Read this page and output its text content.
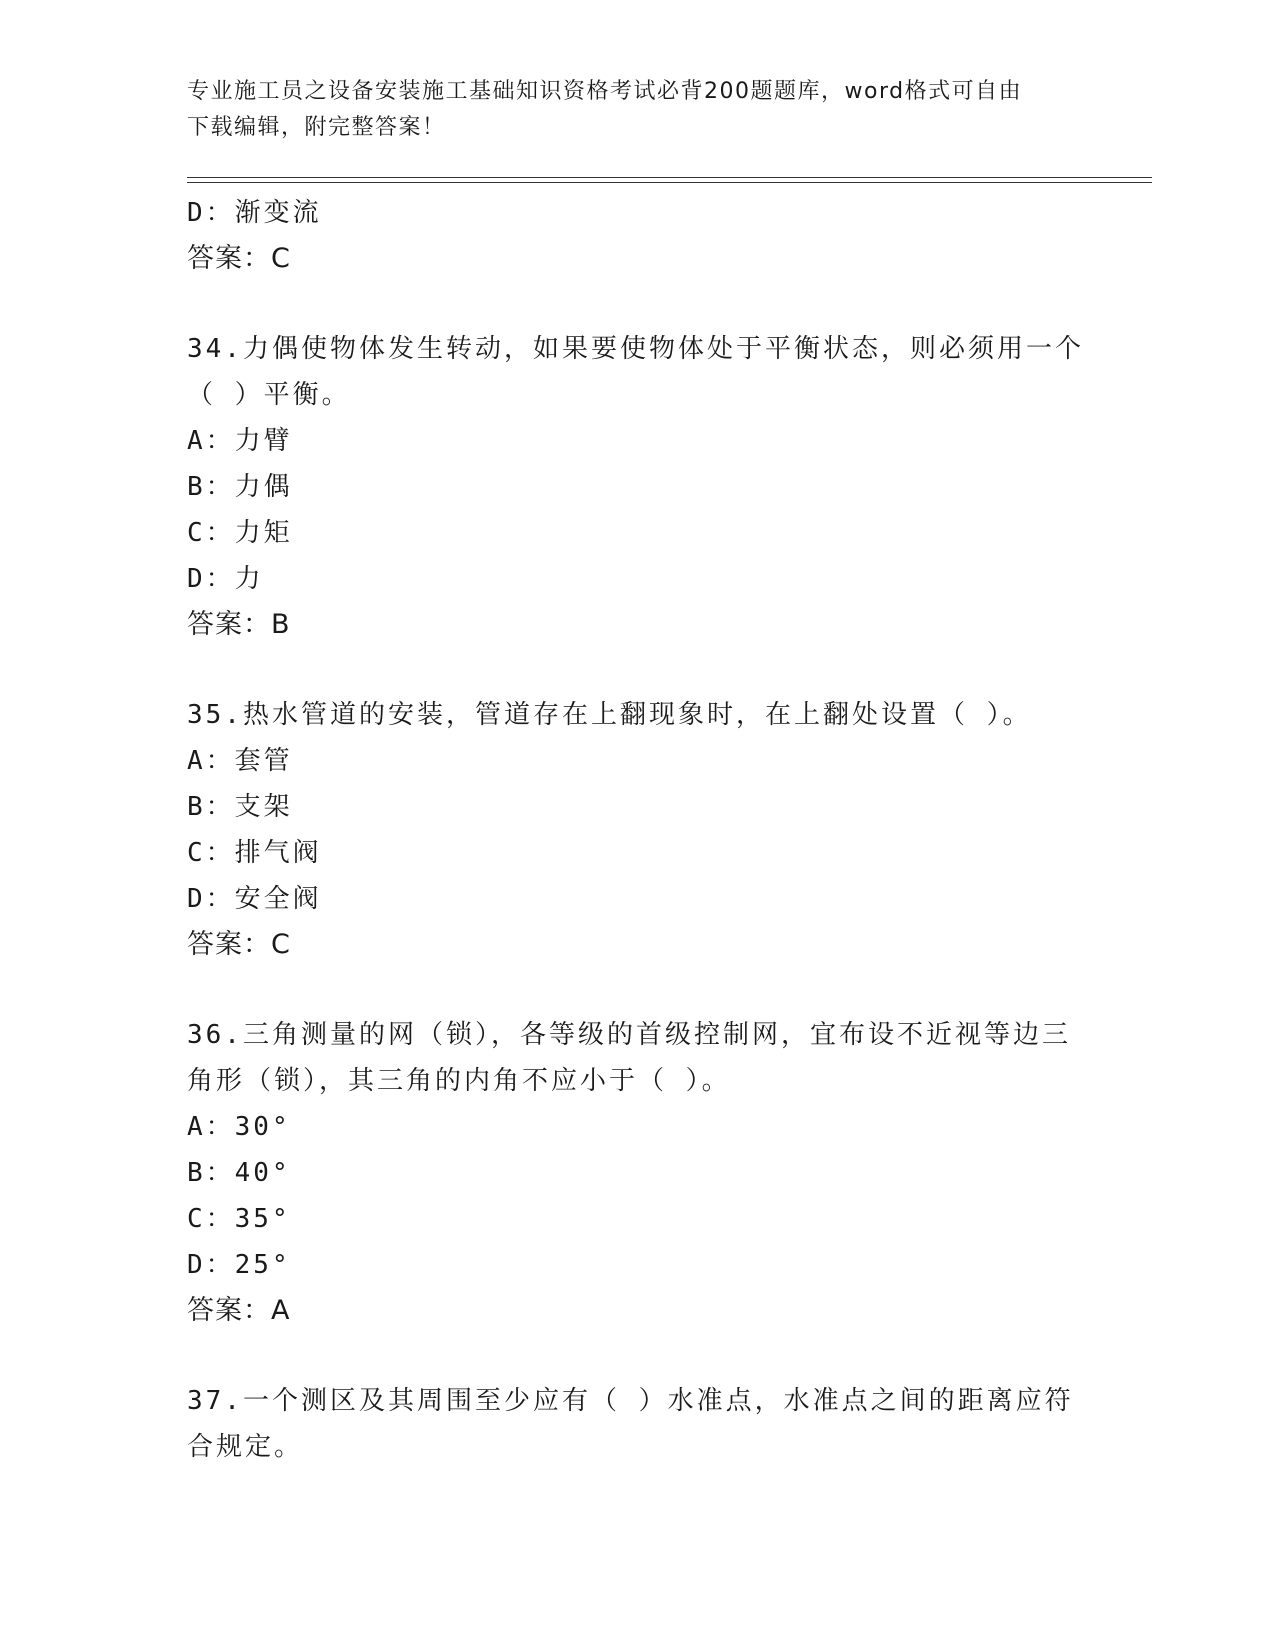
专业施工员之设备安装施工基础知识资格考试必背200题题库，word格式可自由
下载编辑，附完整答案！
D：渐变流
答案：C
34.力偶使物体发生转动，如果要使物体处于平衡状态，则必须用一个
（ ）平衡。
A：力臂
B：力偶
C：力矩
D：力
答案：B
35.热水管道的安装，管道存在上翻现象时，在上翻处设置（ ）。
A：套管
B：支架
C：排气阀
D：安全阀
答案：C
36.三角测量的网（锁），各等级的首级控制网，宜布设不近视等边三
角形（锁），其三角的内角不应小于（ ）。
A：30°
B：40°
C：35°
D：25°
答案：A
37.一个测区及其周围至少应有（ ）水准点，水准点之间的距离应符
合规定。
